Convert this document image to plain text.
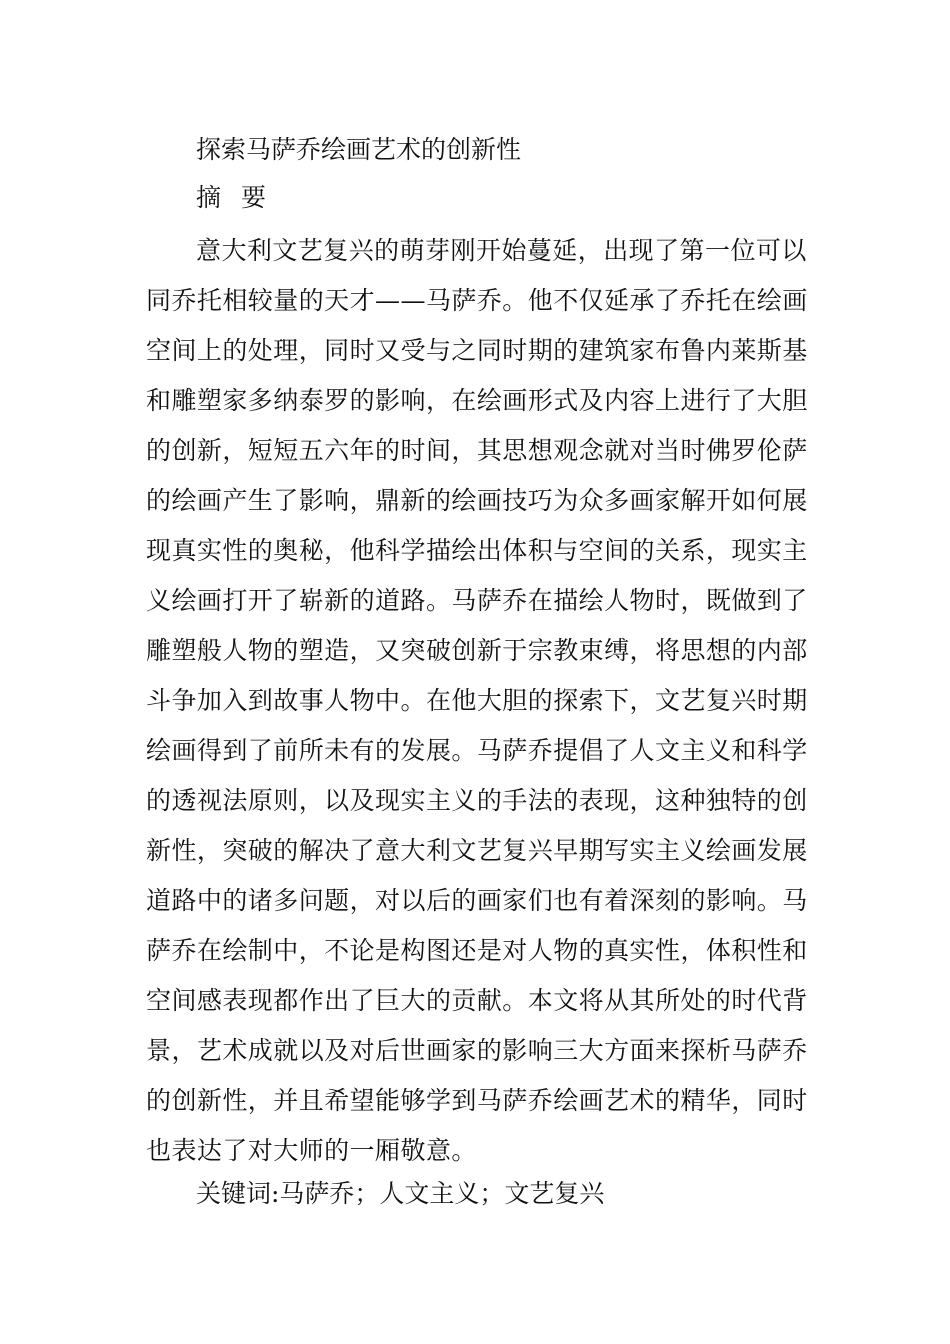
探索马萨乔绘画艺术的创新性
摘 要
意大利文艺复兴的萌芽刚开始蔓延，出现了第一位可以
同乔托相较量的天才——马萨乔。他不仅延承了乔托在绘画
空间上的处理，同时又受与之同时期的建筑家布鲁内莱斯基
和雕塑家多纳泰罗的影响，在绘画形式及内容上进行了大胆
的创新，短短五六年的时间，其思想观念就对当时佛罗伦萨
的绘画产生了影响，鼎新的绘画技巧为众多画家解开如何展
现真实性的奥秘，他科学描绘出体积与空间的关系，现实主
义绘画打开了崭新的道路。马萨乔在描绘人物时，既做到了
雕塑般人物的塑造，又突破创新于宗教束缚，将思想的内部
斗争加入到故事人物中。在他大胆的探索下，文艺复兴时期
绘画得到了前所未有的发展。马萨乔提倡了人文主义和科学
的透视法原则，以及现实主义的手法的表现，这种独特的创
新性，突破的解决了意大利文艺复兴早期写实主义绘画发展
道路中的诸多问题，对以后的画家们也有着深刻的影响。马
萨乔在绘制中，不论是构图还是对人物的真实性，体积性和
空间感表现都作出了巨大的贡献。本文将从其所处的时代背
景，艺术成就以及对后世画家的影响三大方面来探析马萨乔
的创新性，并且希望能够学到马萨乔绘画艺术的精华，同时
也表达了对大师的一厢敬意。
关键词:马萨乔；人文主义；文艺复兴
